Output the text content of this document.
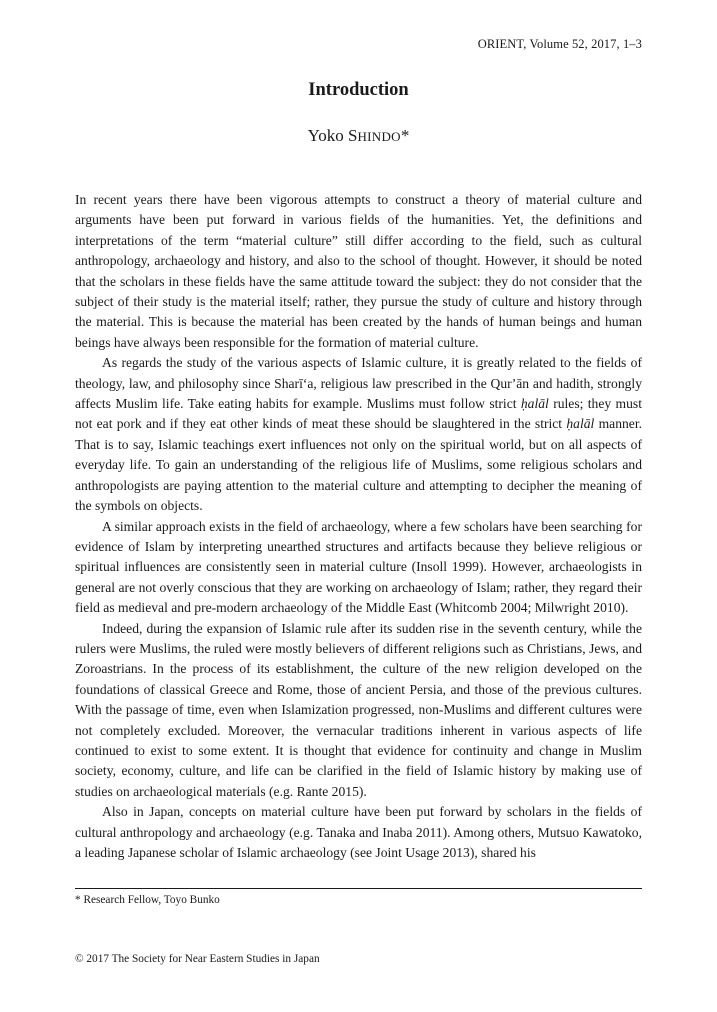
ORIENT, Volume 52, 2017, 1–3
Introduction
Yoko SHINDO*

In recent years there have been vigorous attempts to construct a theory of material culture and arguments have been put forward in various fields of the humanities. Yet, the definitions and interpretations of the term “material culture” still differ according to the field, such as cultural anthropology, archaeology and history, and also to the school of thought. However, it should be noted that the scholars in these fields have the same attitude toward the subject: they do not consider that the subject of their study is the material itself; rather, they pursue the study of culture and history through the material. This is because the material has been created by the hands of human beings and human beings have always been responsible for the formation of material culture.

As regards the study of the various aspects of Islamic culture, it is greatly related to the fields of theology, law, and philosophy since Sharīʻa, religious law prescribed in the Qurʼān and hadith, strongly affects Muslim life. Take eating habits for example. Muslims must follow strict ḥalāl rules; they must not eat pork and if they eat other kinds of meat these should be slaughtered in the strict ḥalāl manner. That is to say, Islamic teachings exert influences not only on the spiritual world, but on all aspects of everyday life. To gain an understanding of the religious life of Muslims, some religious scholars and anthropologists are paying attention to the material culture and attempting to decipher the meaning of the symbols on objects.

A similar approach exists in the field of archaeology, where a few scholars have been searching for evidence of Islam by interpreting unearthed structures and artifacts because they believe religious or spiritual influences are consistently seen in material culture (Insoll 1999). However, archaeologists in general are not overly conscious that they are working on archaeology of Islam; rather, they regard their field as medieval and pre-modern archaeology of the Middle East (Whitcomb 2004; Milwright 2010).

Indeed, during the expansion of Islamic rule after its sudden rise in the seventh century, while the rulers were Muslims, the ruled were mostly believers of different religions such as Christians, Jews, and Zoroastrians. In the process of its establishment, the culture of the new religion developed on the foundations of classical Greece and Rome, those of ancient Persia, and those of the previous cultures. With the passage of time, even when Islamization progressed, non-Muslims and different cultures were not completely excluded. Moreover, the vernacular traditions inherent in various aspects of life continued to exist to some extent. It is thought that evidence for continuity and change in Muslim society, economy, culture, and life can be clarified in the field of Islamic history by making use of studies on archaeological materials (e.g. Rante 2015).

Also in Japan, concepts on material culture have been put forward by scholars in the fields of cultural anthropology and archaeology (e.g. Tanaka and Inaba 2011). Among others, Mutsuo Kawatoko, a leading Japanese scholar of Islamic archaeology (see Joint Usage 2013), shared his

* Research Fellow, Toyo Bunko
© 2017 The Society for Near Eastern Studies in Japan
